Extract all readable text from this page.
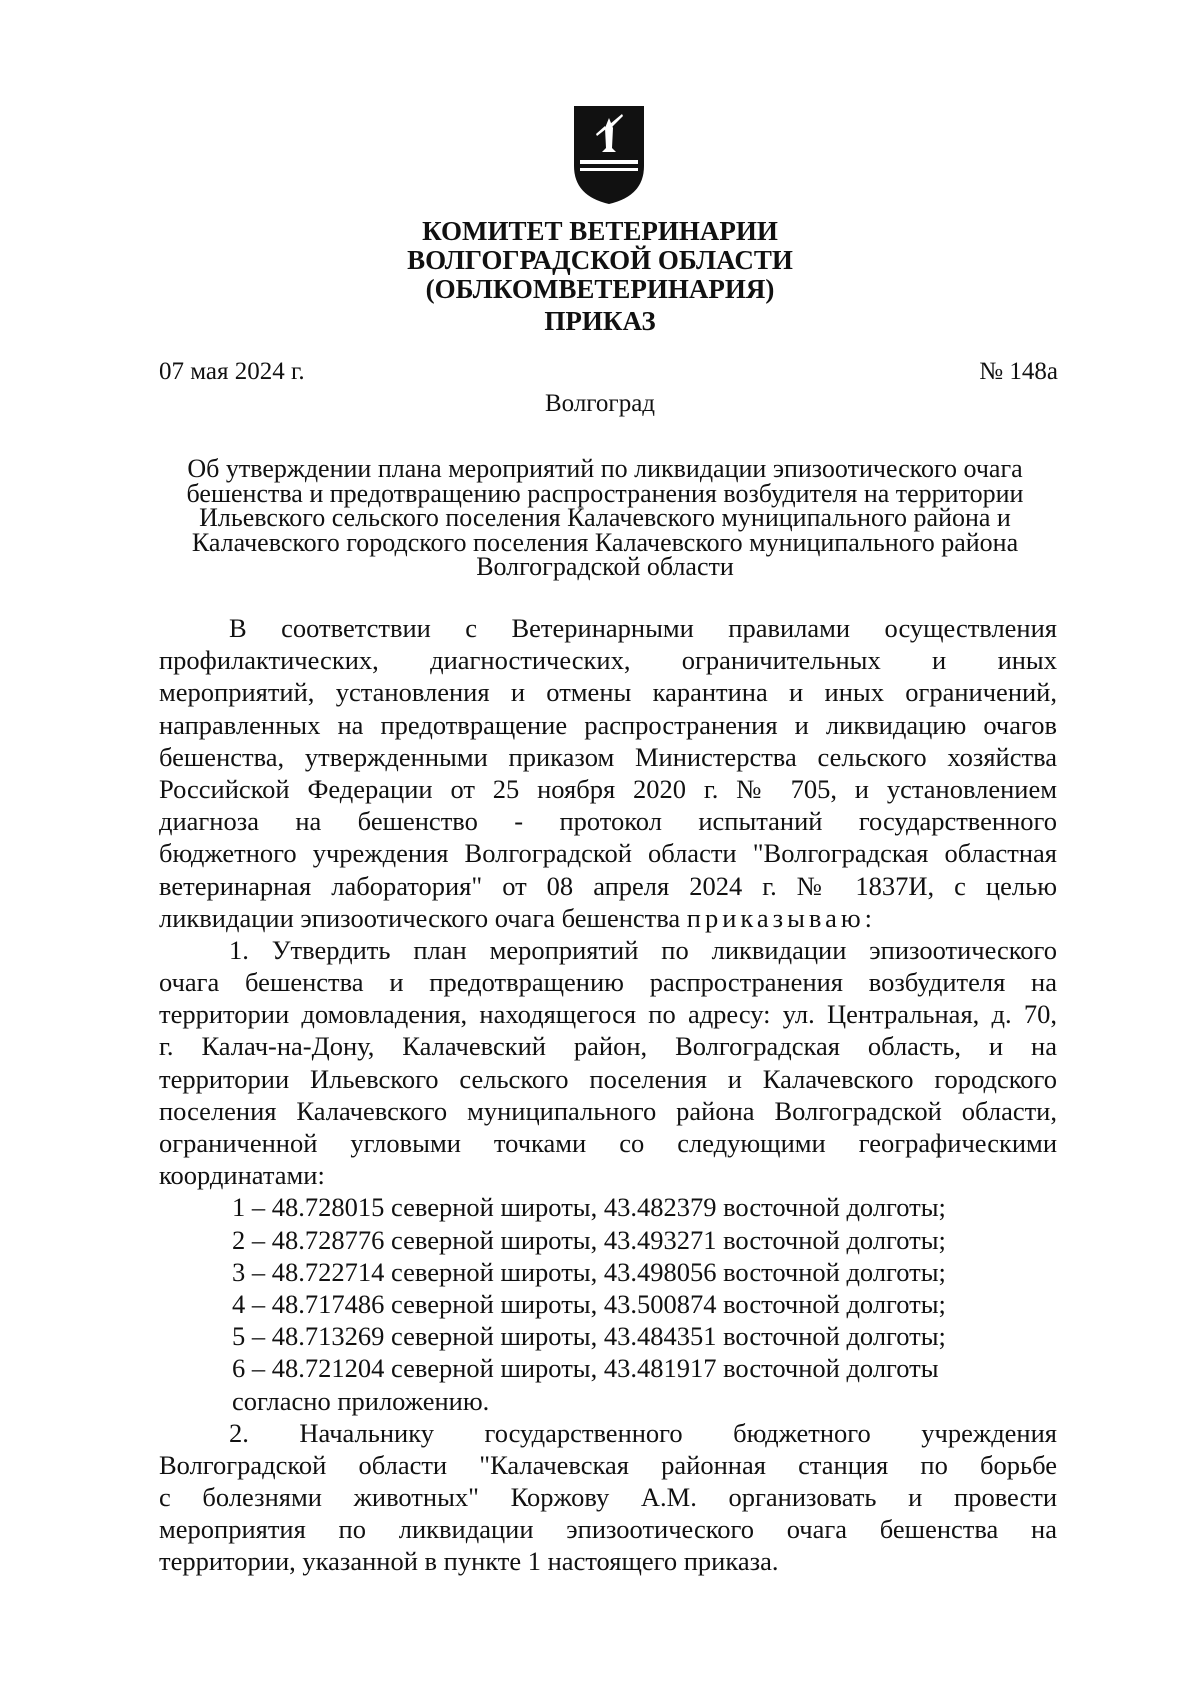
КОМИТЕТ ВЕТЕРИНАРИИ
ВОЛГОГРАДСКОЙ ОБЛАСТИ
(ОБЛКОМВЕТЕРИНАРИЯ)
ПРИКАЗ
07 мая 2024 г.	№ 148а
Волгоград
Об утверждении плана мероприятий по ликвидации эпизоотического очага
бешенства и предотвращению распространения возбудителя на территории
Ильевского сельского поселения Калачевского муниципального района и
Калачевского городского поселения Калачевского муниципального района
Волгоградской области
В соответствии с Ветеринарными правилами осуществления
профилактических, диагностических, ограничительных и иных
мероприятий, установления и отмены карантина и иных ограничений,
направленных на предотвращение распространения и ликвидацию очагов
бешенства, утвержденными приказом Министерства сельского хозяйства
Российской Федерации от 25 ноября 2020 г. № 705, и установлением
диагноза на бешенство - протокол испытаний государственного
бюджетного учреждения Волгоградской области "Волгоградская областная
ветеринарная лаборатория" от 08 апреля 2024 г. № 1837И, с целью
ликвидации эпизоотического очага бешенства приказываю:
1. Утвердить план мероприятий по ликвидации эпизоотического
очага бешенства и предотвращению распространения возбудителя на
территории домовладения, находящегося по адресу: ул. Центральная, д. 70,
г. Калач-на-Дону, Калачевский район, Волгоградская область, и на
территории Ильевского сельского поселения и Калачевского городского
поселения Калачевского муниципального района Волгоградской области,
ограниченной угловыми точками со следующими географическими
координатами:
1 – 48.728015 северной широты, 43.482379 восточной долготы;
2 – 48.728776 северной широты, 43.493271 восточной долготы;
3 – 48.722714 северной широты, 43.498056 восточной долготы;
4 – 48.717486 северной широты, 43.500874 восточной долготы;
5 – 48.713269 северной широты, 43.484351 восточной долготы;
6 – 48.721204 северной широты, 43.481917 восточной долготы
согласно приложению.
2. Начальнику государственного бюджетного учреждения
Волгоградской области "Калачевская районная станция по борьбе
с болезнями животных" Коржову А.М. организовать и провести
мероприятия по ликвидации эпизоотического очага бешенства на
территории, указанной в пункте 1 настоящего приказа.
